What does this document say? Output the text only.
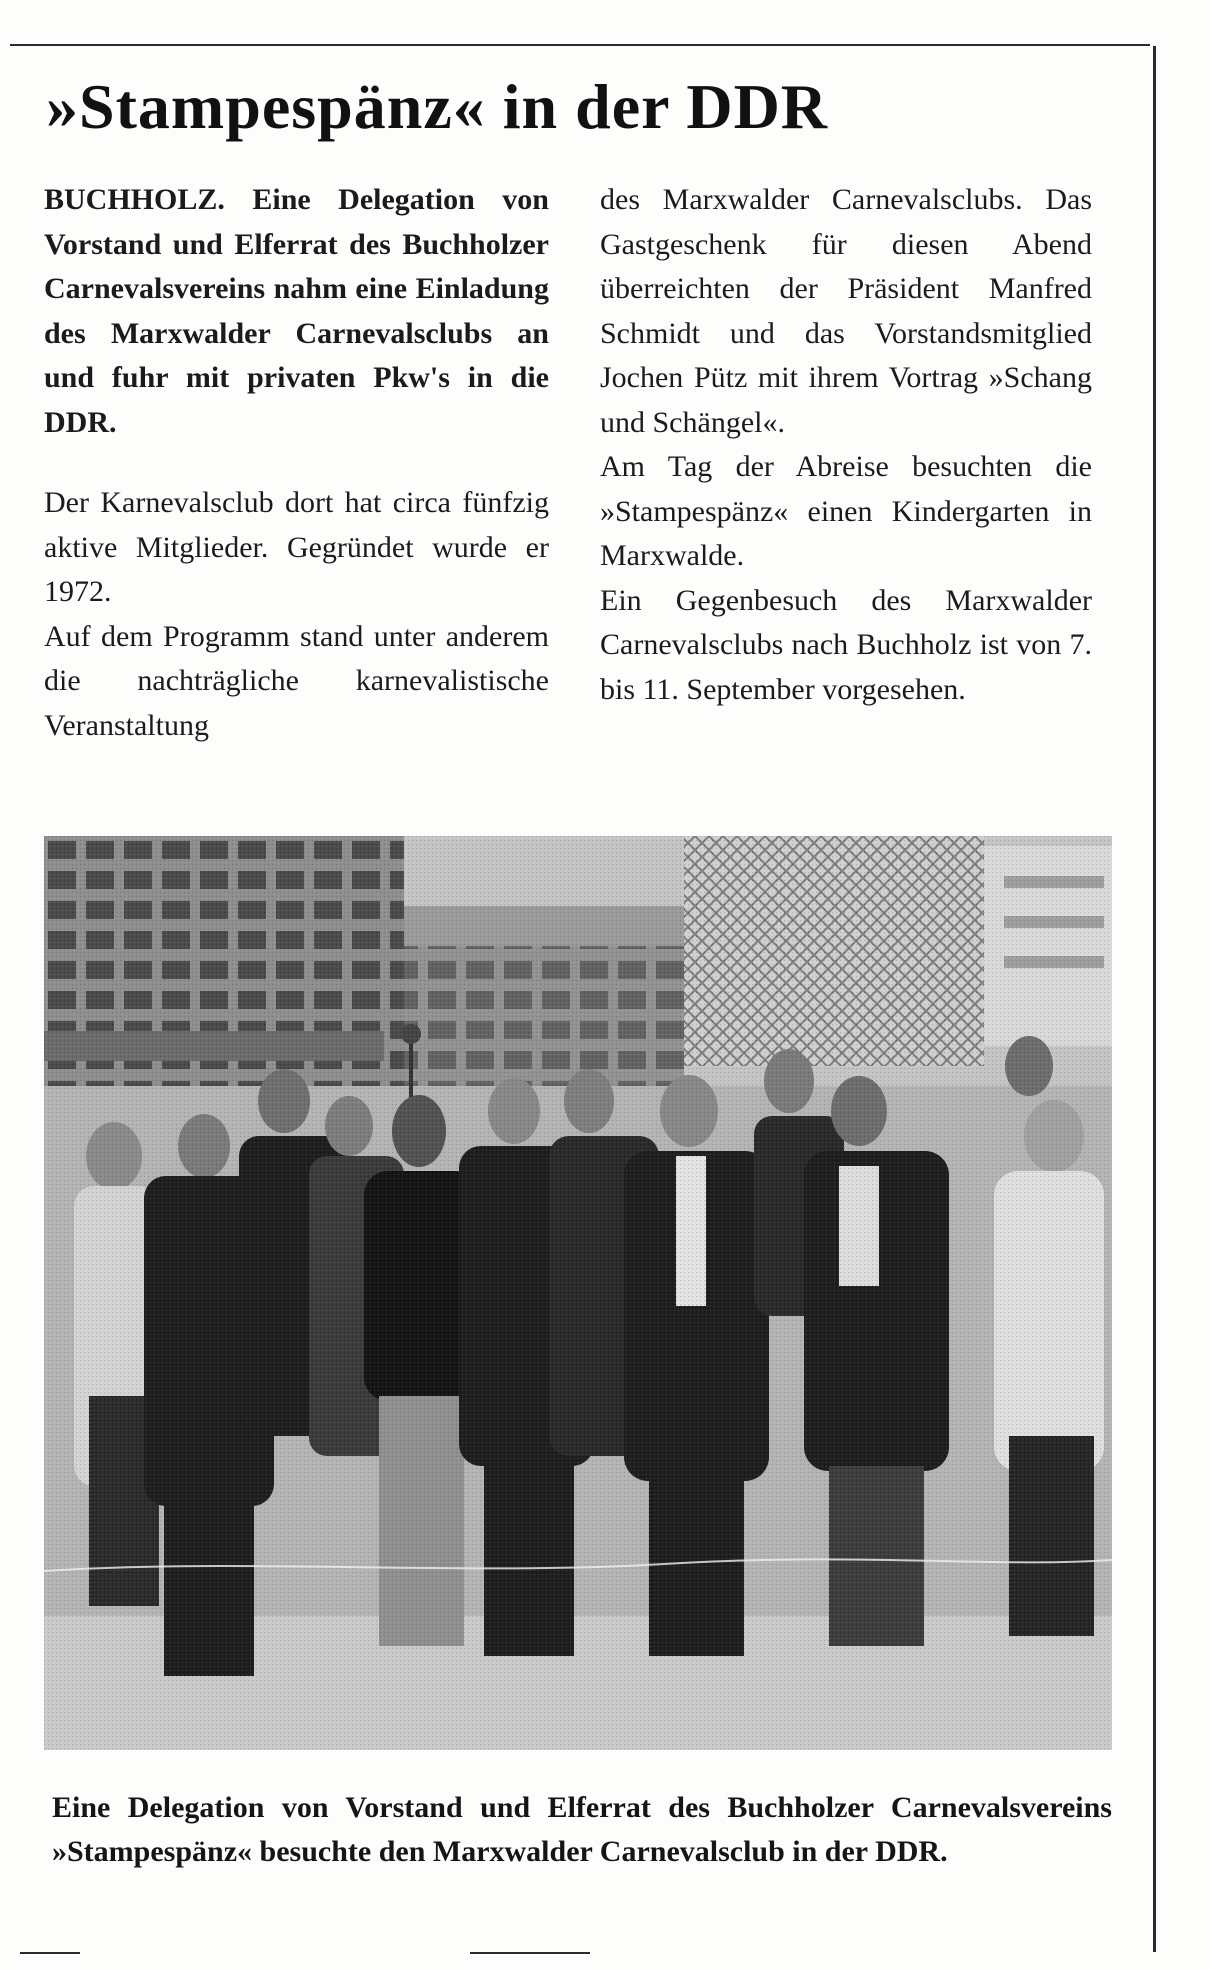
»Stampespänz« in der DDR

BUCHHOLZ. Eine Delegation von Vorstand und Elferrat des Buchholzer Carnevalsvereins nahm eine Einladung des Marxwalder Carnevalsclubs an und fuhr mit privaten Pkw's in die DDR.

Der Karnevalsclub dort hat circa fünfzig aktive Mitglieder. Gegründet wurde er 1972.
Auf dem Programm stand unter anderem die nachträgliche karnevalistische Veranstaltung

des Marxwalder Carnevalsclubs. Das Gastgeschenk für diesen Abend überreichten der Präsident Manfred Schmidt und das Vorstandsmitglied Jochen Pütz mit ihrem Vortrag »Schang und Schängel«.

Am Tag der Abreise besuchten die »Stampespänz« einen Kindergarten in Marxwalde.

Ein Gegenbesuch des Marxwalder Carnevalsclubs nach Buchholz ist von 7. bis 11. September vorgesehen.

Eine Delegation von Vorstand und Elferrat des Buchholzer Carnevalsvereins »Stampespänz« besuchte den Marxwalder Carnevalsclub in der DDR.
